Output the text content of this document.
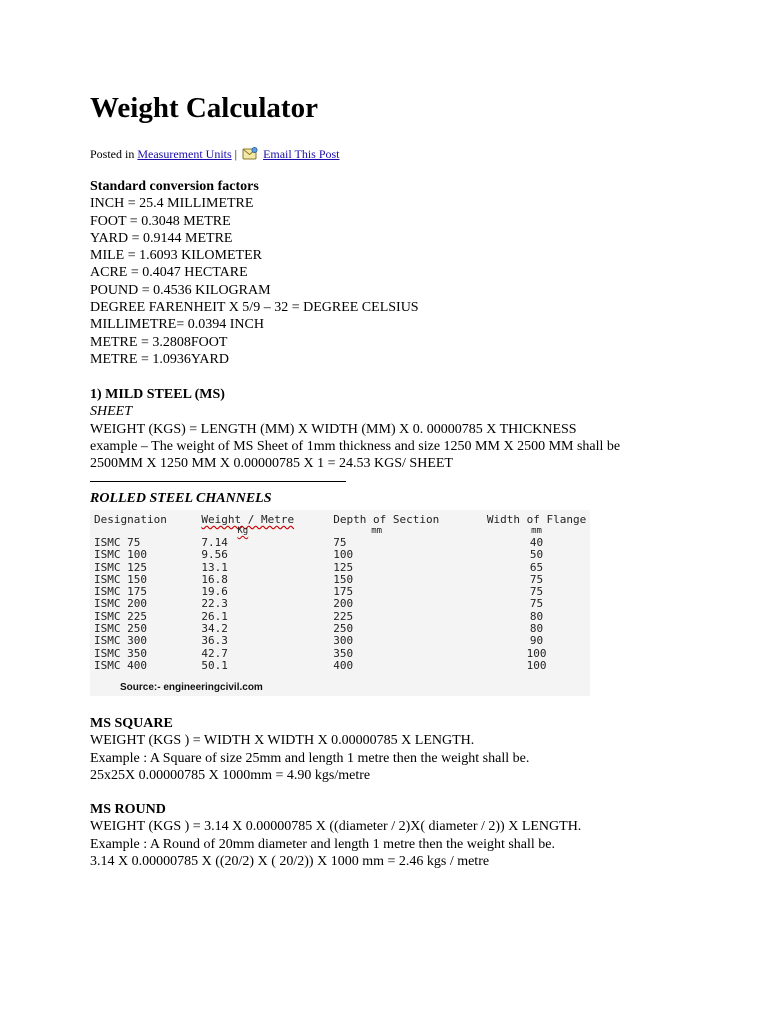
Weight Calculator
Posted in Measurement Units | Email This Post
Standard conversion factors
INCH = 25.4 MILLIMETRE
FOOT = 0.3048 METRE
YARD = 0.9144 METRE
MILE = 1.6093 KILOMETER
ACRE = 0.4047 HECTARE
POUND = 0.4536 KILOGRAM
DEGREE FARENHEIT X 5/9 – 32 = DEGREE CELSIUS
MILLIMETRE= 0.0394 INCH
METRE = 3.2808FOOT
METRE = 1.0936YARD
1) MILD STEEL (MS)
SHEET
WEIGHT (KGS) = LENGTH (MM) X WIDTH (MM) X 0. 00000785 X THICKNESS
example – The weight of MS Sheet of 1mm thickness and size 1250 MM X 2500 MM shall be
2500MM X 1250 MM X 0.00000785 X 1 = 24.53 KGS/ SHEET
ROLLED STEEL CHANNELS
Designation	Weight / Metre	Depth of Section	Width of Flange
	Kg	mm	mm
ISMC 75	7.14	75	40
ISMC 100	9.56	100	50
ISMC 125	13.1	125	65
ISMC 150	16.8	150	75
ISMC 175	19.6	175	75
ISMC 200	22.3	200	75
ISMC 225	26.1	225	80
ISMC 250	34.2	250	80
ISMC 300	36.3	300	90
ISMC 350	42.7	350	100
ISMC 400	50.1	400	100
Source:- engineeringcivil.com
MS SQUARE
WEIGHT (KGS ) = WIDTH X WIDTH X 0.00000785 X LENGTH.
Example : A Square of size 25mm and length 1 metre then the weight shall be.
25x25X 0.00000785 X 1000mm = 4.90 kgs/metre
MS ROUND
WEIGHT (KGS ) = 3.14 X 0.00000785 X ((diameter / 2)X( diameter / 2)) X LENGTH.
Example : A Round of 20mm diameter and length 1 metre then the weight shall be.
3.14 X 0.00000785 X ((20/2) X ( 20/2)) X 1000 mm = 2.46 kgs / metre
